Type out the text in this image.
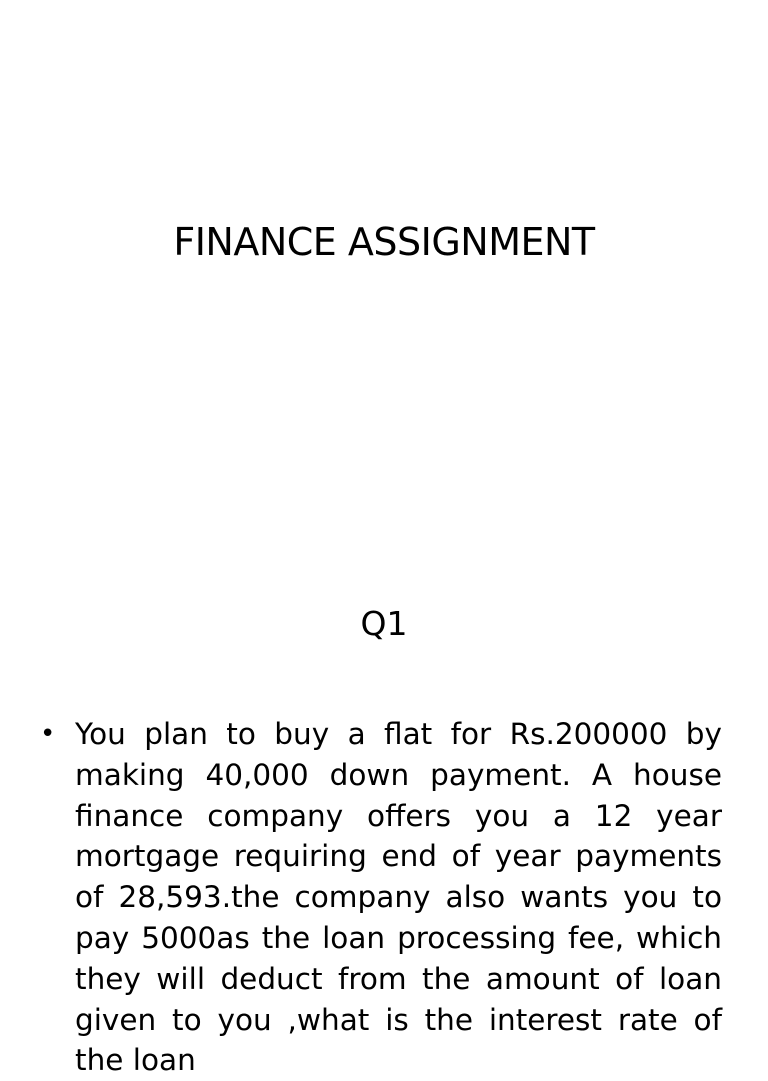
FINANCE ASSIGNMENT
Q1
• You plan to buy a flat for Rs.200000 by making 40,000 down payment. A house finance company offers you a 12 year mortgage requiring end of year payments of 28,593.the company also wants you to pay 5000as the loan processing fee, which they will deduct from the amount of loan given to you ,what is the interest rate of the loan
